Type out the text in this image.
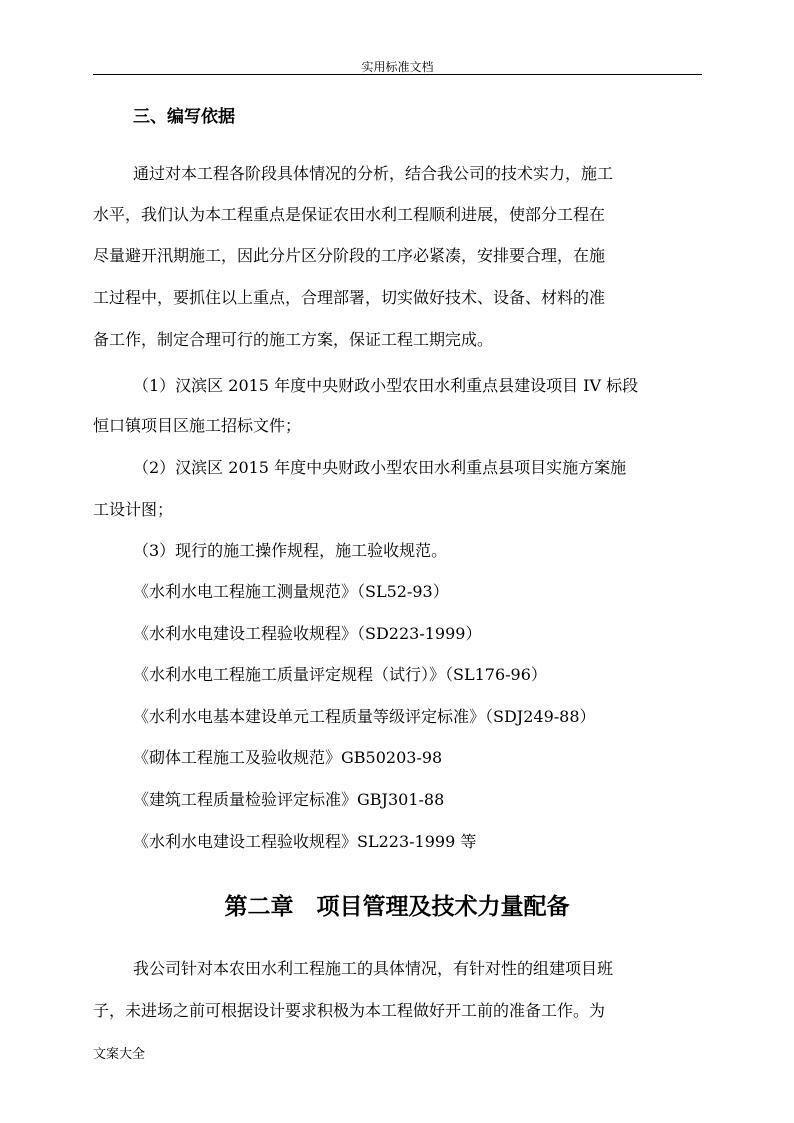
实用标准文档
三、编写依据
通过对本工程各阶段具体情况的分析，结合我公司的技术实力，施工
水平，我们认为本工程重点是保证农田水利工程顺利进展，使部分工程在
尽量避开汛期施工，因此分片区分阶段的工序必紧凑，安排要合理，在施
工过程中，要抓住以上重点，合理部署，切实做好技术、设备、材料的准
备工作，制定合理可行的施工方案，保证工程工期完成。
（1）汉滨区 2015 年度中央财政小型农田水利重点县建设项目 IV 标段
恒口镇项目区施工招标文件；
（2）汉滨区 2015 年度中央财政小型农田水利重点县项目实施方案施
工设计图；
（3）现行的施工操作规程，施工验收规范。
《水利水电工程施工测量规范》（SL52-93）
《水利水电建设工程验收规程》（SD223-1999）
《水利水电工程施工质量评定规程（试行）》（SL176-96）
《水利水电基本建设单元工程质量等级评定标准》（SDJ249-88）
《砌体工程施工及验收规范》GB50203-98
《建筑工程质量检验评定标准》GBJ301-88
《水利水电建设工程验收规程》SL223-1999 等
第二章　项目管理及技术力量配备
我公司针对本农田水利工程施工的具体情况，有针对性的组建项目班
子，未进场之前可根据设计要求积极为本工程做好开工前的准备工作。为
文案大全
